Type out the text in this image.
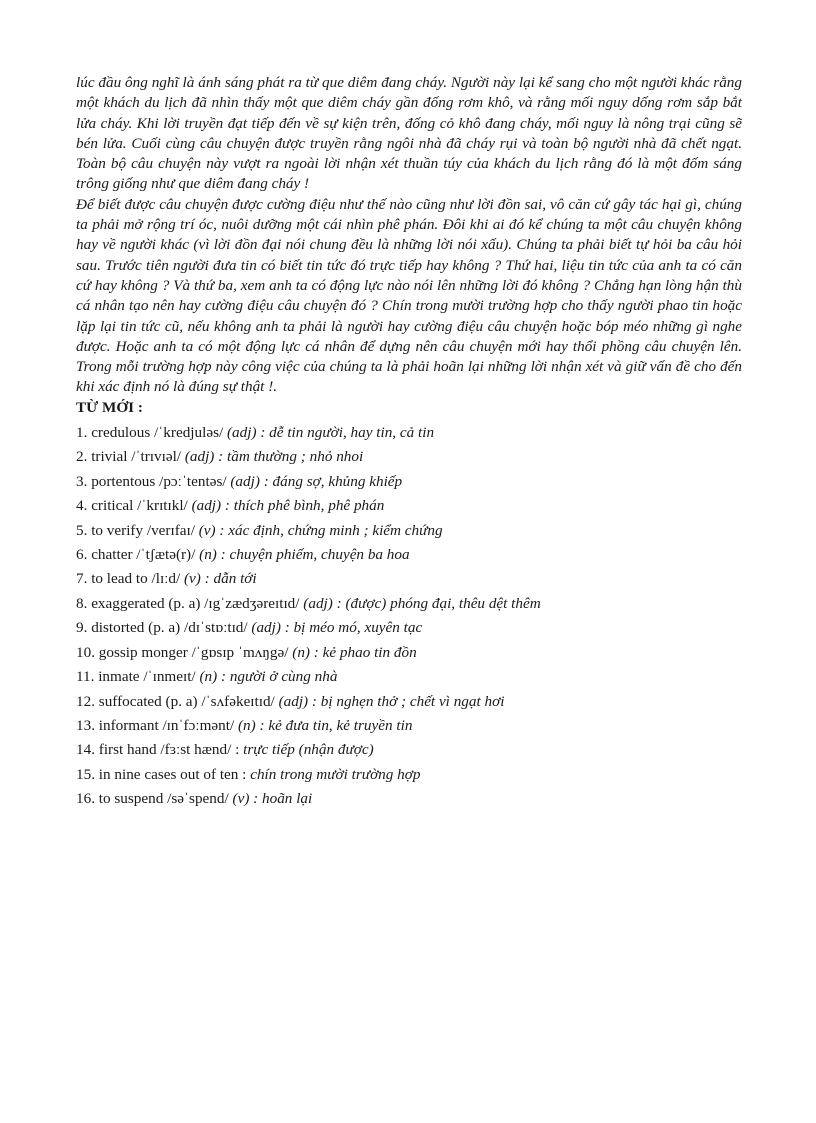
lúc đầu ông nghĩ là ánh sáng phát ra từ que diêm đang cháy. Người này lại kể sang cho một người khác rằng một khách du lịch đã nhìn thấy một que diêm cháy gần đống rơm khô, và rằng mối nguy dống rơm sắp bắt lửa cháy. Khi lời truyền đạt tiếp đến về sự kiện trên, đống cỏ khô đang cháy, mối nguy là nông trại cũng sẽ bén lửa. Cuối cùng câu chuyện được truyền rằng ngôi nhà đã cháy rụi và toàn bộ người nhà đã chết ngạt. Toàn bộ câu chuyện này vượt ra ngoài lời nhận xét thuần túy của khách du lịch rằng đó là một đốm sáng trông giống như que diêm đang cháy !

Để biết được câu chuyện được cường điệu như thế nào cũng như lời đồn sai, vô căn cứ gây tác hại gì, chúng ta phải mở rộng trí óc, nuôi dưỡng một cái nhìn phê phán. Đôi khi ai đó kể chúng ta một câu chuyện không hay về người khác (vì lời đồn đại nói chung đều là những lời nói xấu). Chúng ta phải biết tự hỏi ba câu hỏi sau. Trước tiên người đưa tin có biết tin tức đó trực tiếp hay không ? Thứ hai, liệu tin tức của anh ta có căn cứ hay không ? Và thứ ba, xem anh ta có động lực nào nói lên những lời đó không ? Chẳng hạn lòng hận thù cá nhân tạo nên hay cường điệu câu chuyện đó ? Chín trong mười trường hợp cho thấy người phao tin hoặc lặp lại tin tức cũ, nếu không anh ta phải là người hay cường điệu câu chuyện hoặc bóp méo những gì nghe được. Hoặc anh ta có một động lực cá nhân để dựng nên câu chuyện mới hay thổi phồng câu chuyện lên. Trong mỗi trường hợp này công việc của chúng ta là phải hoãn lại những lời nhận xét và giữ vấn đề cho đến khi xác định nó là đúng sự thật !.

TỪ MỚI :
1. credulous /ˈkredjuləs/ (adj) : dễ tin người, hay tin, cả tin
2. trivial /ˈtrɪvɪəl/ (adj) : tầm thường ; nhỏ nhoi
3. portentous /pɔːˈtentəs/ (adj) : đáng sợ, khủng khiếp
4. critical /ˈkrɪtɪkl/ (adj) : thích phê bình, phê phán
5. to verify /verɪfaɪ/ (v) : xác định, chứng minh ; kiểm chứng
6. chatter /ˈtʃætə(r)/ (n) : chuyện phiếm, chuyện ba hoa
7. to lead to /lɪːd/ (v) : dẫn tới
8. exaggerated (p. a) /ɪgˈzædʒəreɪtɪd/ (adj) : (được) phóng đại, thêu dệt thêm
9. distorted (p. a) /dɪˈstɒːtɪd/ (adj) : bị méo mó, xuyên tạc
10. gossip monger /ˈgɒsɪp ˈmʌŋgə/ (n) : kẻ phao tin đồn
11. inmate /ˈɪnmeɪt/ (n) : người ở cùng nhà
12. suffocated (p. a) /ˈsʌfəkeɪtɪd/ (adj) : bị nghẹn thở ; chết vì ngạt hơi
13. informant /ɪnˈfɔːmənt/ (n) : kẻ đưa tin, kẻ truyền tin
14. first hand /fɜːst hænd/ : trực tiếp (nhận được)
15. in nine cases out of ten : chín trong mười trường hợp
16. to suspend /səˈspend/ (v) : hoãn lại
